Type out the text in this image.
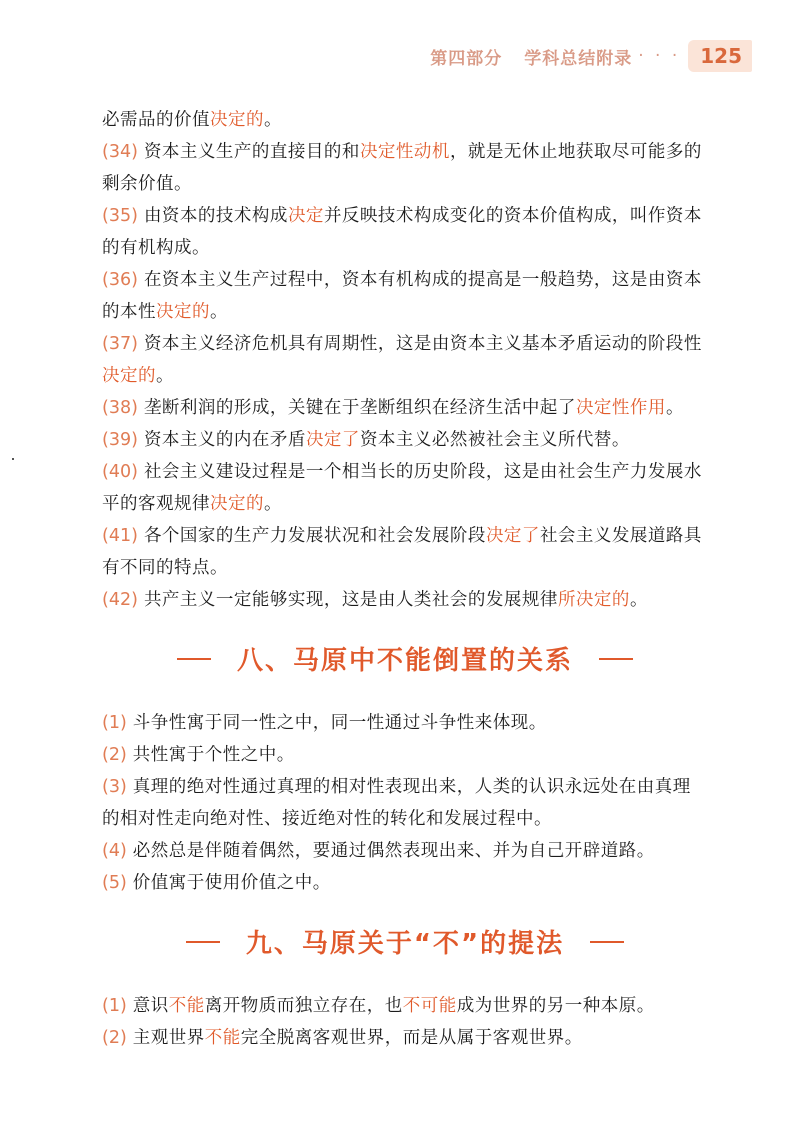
第四部分 学科总结附录 · · ·	125

必需品的价值决定的。

(34) 资本主义生产的直接目的和决定性动机，就是无休止地获取尽可能多的剩余价值。

(35) 由资本的技术构成决定并反映技术构成变化的资本价值构成，叫作资本的有机构成。

(36) 在资本主义生产过程中，资本有机构成的提高是一般趋势，这是由资本的本性决定的。

(37) 资本主义经济危机具有周期性，这是由资本主义基本矛盾运动的阶段性决定的。

(38) 垄断利润的形成，关键在于垄断组织在经济生活中起了决定性作用。

(39) 资本主义的内在矛盾决定了资本主义必然被社会主义所代替。

(40) 社会主义建设过程是一个相当长的历史阶段，这是由社会生产力发展水平的客观规律决定的。

(41) 各个国家的生产力发展状况和社会发展阶段决定了社会主义发展道路具有不同的特点。

(42) 共产主义一定能够实现，这是由人类社会的发展规律所决定的。

八、马原中不能倒置的关系

(1) 斗争性寓于同一性之中，同一性通过斗争性来体现。

(2) 共性寓于个性之中。

(3) 真理的绝对性通过真理的相对性表现出来，人类的认识永远处在由真理的相对性走向绝对性、接近绝对性的转化和发展过程中。

(4) 必然总是伴随着偶然，要通过偶然表现出来、并为自己开辟道路。

(5) 价值寓于使用价值之中。

九、马原关于“不”的提法

(1) 意识不能离开物质而独立存在，也不可能成为世界的另一种本原。

(2) 主观世界不能完全脱离客观世界，而是从属于客观世界。
